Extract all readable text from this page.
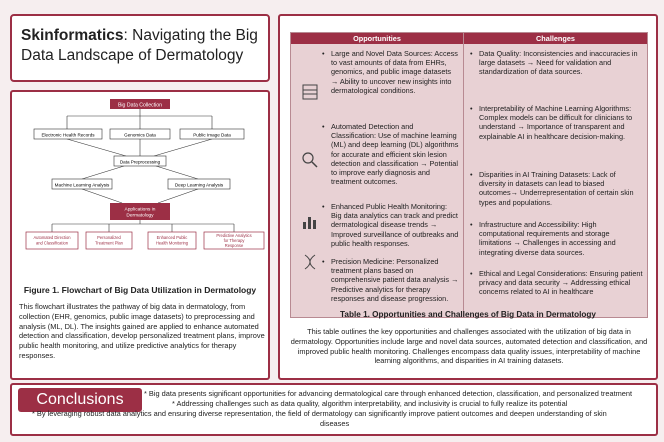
Skinformatics: Navigating the Big Data Landscape of Dermatology
Big Data Collection
Electronic Health Records	Genomics Data	Public Image Data
Data Preprocessing
Machine Learning Analysis	Deep Learning Analysis
Applications in
Dermatology
Automated Direction
and Classification
Personalized
Treatment Plan
Enhanced Public
Health Monitoring
Predictive Analytics
for Therapy
Response
Figure 1. Flowchart of Big Data Utilization in Dermatology
This flowchart illustrates the pathway of big data in dermatology, from collection (EHR, genomics, public image datasets) to preprocessing and analysis (ML, DL). The insights gained are applied to enhance automated detection and classification, develop personalized treatment plans, improve public health monitoring, and utilize predictive analytics for therapy responses.
Opportunities	Challenges
• Large and Novel Data Sources: Access to vast amounts of data from EHRs, genomics, and public image datasets → Ability to uncover new insights into dermatological conditions.
• Automated Detection and Classification: Use of machine learning (ML) and deep learning (DL) algorithms for accurate and efficient skin lesion detection and classification → Potential to improve early diagnosis and treatment outcomes.
• Enhanced Public Health Monitoring: Big data analytics can track and predict dermatological disease trends → Improved surveillance of outbreaks and public health responses.
• Precision Medicine: Personalized treatment plans based on comprehensive patient data analysis → Predictive analytics for therapy responses and disease progression.
• Data Quality: Inconsistencies and inaccuracies in large datasets → Need for validation and standardization of data sources.
• Interpretability of Machine Learning Algorithms: Complex models can be difficult for clinicians to understand → Importance of transparent and explainable AI in healthcare decision-making.
• Disparities in AI Training Datasets: Lack of diversity in datasets can lead to biased outcomes→ Underrepresentation of certain skin types and populations.
• Infrastructure and Accessibility: High computational requirements and storage limitations → Challenges in accessing and integrating diverse data sources.
• Ethical and Legal Considerations: Ensuring patient privacy and data security → Addressing ethical concerns related to AI in healthcare
Table 1. Opportunities and Challenges of Big Data in Dermatology
This table outlines the key opportunities and challenges associated with the utilization of big data in dermatology. Opportunities include large and novel data sources, automated detection and classification, and improved public health monitoring. Challenges encompass data quality issues, interpretability of machine learning algorithms, and disparities in AI training datasets.
Conclusions	* Big data presents significant opportunities for advancing dermatological care through enhanced detection, classification, and personalized treatment
* Addressing challenges such as data quality, algorithm interpretability, and inclusivity is crucial to fully realize its potential
* By leveraging robust data analytics and ensuring diverse representation, the field of dermatology can significantly improve patient outcomes and deepen understanding of skin
diseases
